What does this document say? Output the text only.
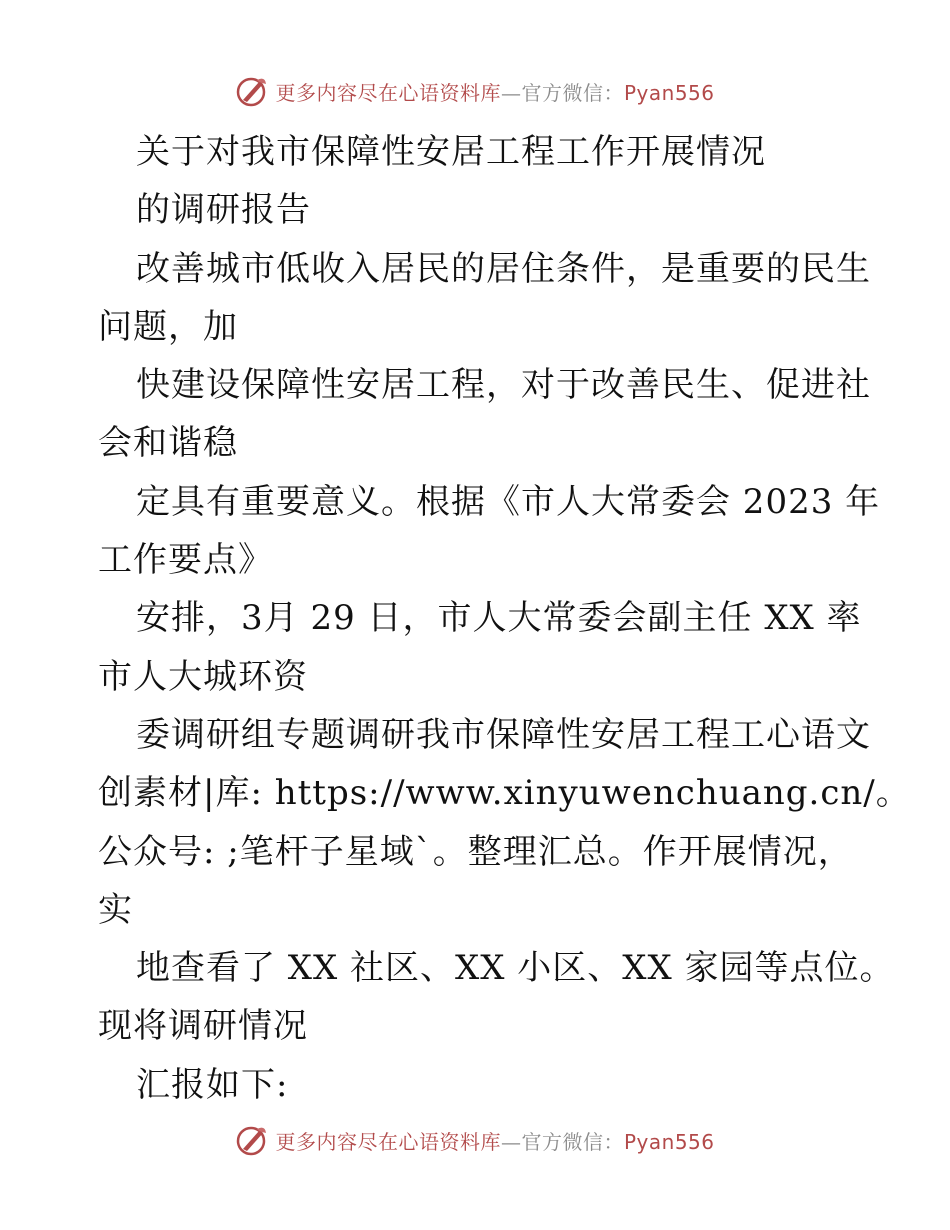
更多内容尽在心语资料库—官方微信：Pyan556
关于对我市保障性安居工程工作开展情况
的调研报告
改善城市低收入居民的居住条件，是重要的民生
问题，加
快建设保障性安居工程，对于改善民生、促进社
会和谐稳
定具有重要意义。根据《市人大常委会 2023 年
工作要点》
安排，3月 29 日，市人大常委会副主任 XX 率
市人大城环资
委调研组专题调研我市保障性安居工程工心语文
创素材|库: https://www.xinyuwenchuang.cn/。
公众号: ;笔杆子星域`。整理汇总。作开展情况，
实
地查看了 XX 社区、XX 小区、XX 家园等点位。
现将调研情况
汇报如下:
更多内容尽在心语资料库—官方微信：Pyan556
